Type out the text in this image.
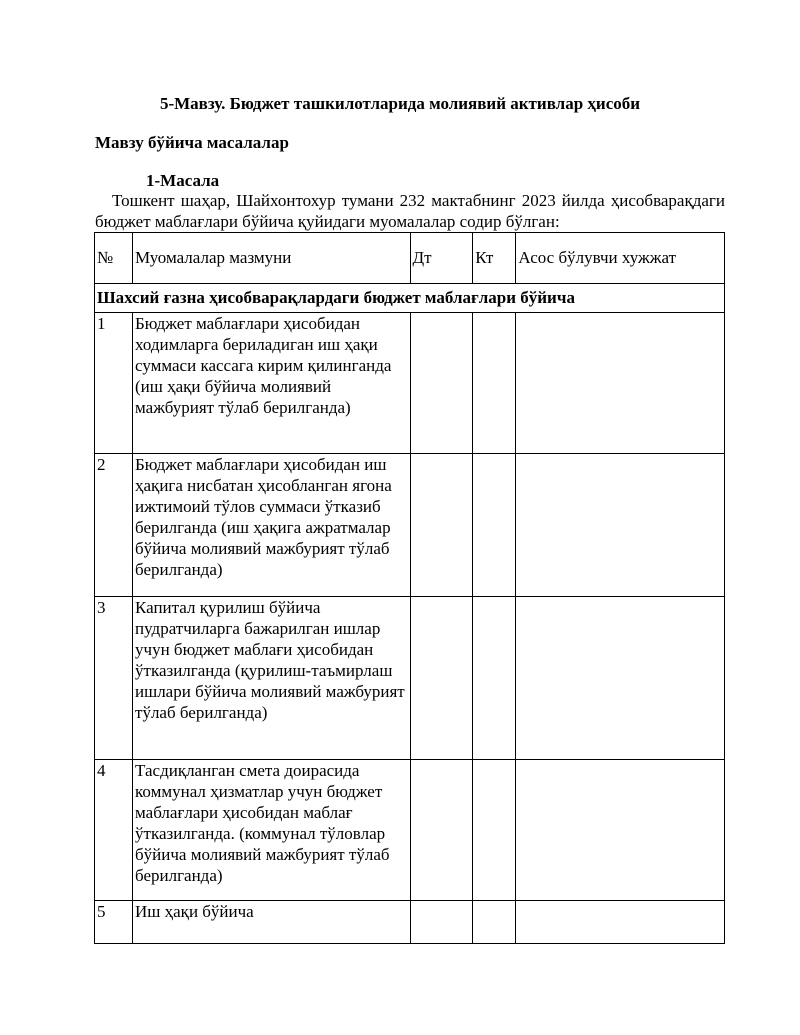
5-Мавзу. Бюджет ташкилотларида молиявий активлар ҳисоби
Мавзу бўйича масалалар
1-Масала
Тошкент шаҳар, Шайхонтохур тумани 232 мактабнинг 2023 йилда ҳисобварақдаги бюджет маблағлари бўйича қуйидаги муомалалар содир бўлган:
№	Муомалалар мазмуни	Дт	Кт	Асос бўлувчи хужжат
Шахсий ғазна ҳисобварақлардаги бюджет маблағлари бўйича				
1	Бюджет маблағлари ҳисобидан ходимларга бериладиган иш ҳақи суммаси кассага кирим қилинганда (иш ҳақи бўйича молиявий мажбурият тўлаб берилганда)			
2	Бюджет маблағлари ҳисобидан иш ҳақига нисбатан ҳисобланган ягона ижтимоий тўлов суммаси ўтказиб берилганда (иш ҳақига ажратмалар бўйича молиявий мажбурият тўлаб берилганда)			
3	Капитал қурилиш бўйича пудратчиларга бажарилган ишлар учун бюджет маблағи ҳисобидан ўтказилганда (қурилиш-таъмирлаш ишлари бўйича молиявий мажбурият тўлаб берилганда)			
4	Тасдиқланган смета доирасида коммунал ҳизматлар учун бюджет маблағлари ҳисобидан маблағ ўтказилганда. (коммунал тўловлар бўйича молиявий мажбурият тўлаб берилганда)			
5	Иш ҳақи бўйича			
